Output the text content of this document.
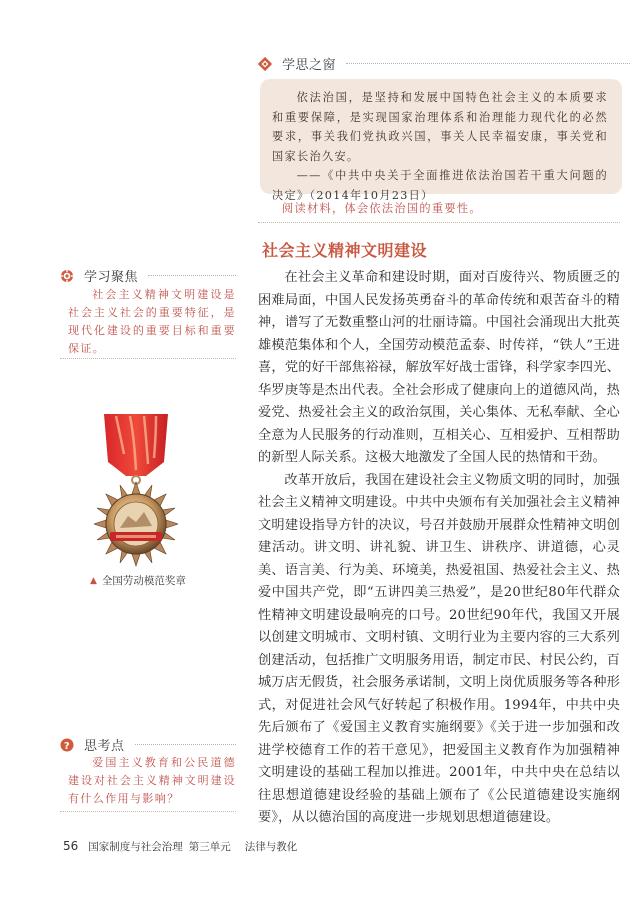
学思之窗

依法治国，是坚持和发展中国特色社会主义的本质要求和重要保障，是实现国家治理体系和治理能力现代化的必然要求，事关我们党执政兴国，事关人民幸福安康，事关党和国家长治久安。

——《中共中央关于全面推进依法治国若干重大问题的决定》（2014年10月23日）

阅读材料，体会依法治国的重要性。
社会主义精神文明建设

在社会主义革命和建设时期，面对百废待兴、物质匮乏的困难局面，中国人民发扬英勇奋斗的革命传统和艰苦奋斗的精神，谱写了无数重整山河的壮丽诗篇。中国社会涌现出大批英雄模范集体和个人，全国劳动模范孟泰、时传祥，“铁人”王进喜，党的好干部焦裕禄，解放军好战士雷锋，科学家李四光、华罗庚等是杰出代表。全社会形成了健康向上的道德风尚，热爱党、热爱社会主义的政治氛围，关心集体、无私奉献、全心全意为人民服务的行动准则，互相关心、互相爱护、互相帮助的新型人际关系。这极大地激发了全国人民的热情和干劲。

改革开放后，我国在建设社会主义物质文明的同时，加强社会主义精神文明建设。中共中央颁布有关加强社会主义精神文明建设指导方针的决议，号召并鼓励开展群众性精神文明创建活动。讲文明、讲礼貌、讲卫生、讲秩序、讲道德，心灵美、语言美、行为美、环境美，热爱祖国、热爱社会主义、热爱中国共产党，即“五讲四美三热爱”，是20世纪80年代群众性精神文明建设最响亮的口号。20世纪90年代，我国又开展以创建文明城市、文明村镇、文明行业为主要内容的三大系列创建活动，包括推广文明服务用语，制定市民、村民公约，百城万店无假货，社会服务承诺制，文明上岗优质服务等各种形式，对促进社会风气好转起了积极作用。1994年，中共中央先后颁布了《爱国主义教育实施纲要》《关于进一步加强和改进学校德育工作的若干意见》，把爱国主义教育作为加强精神文明建设的基础工程加以推进。2001年，中共中央在总结以往思想道德建设经验的基础上颁布了《公民道德建设实施纲要》，从以德治国的高度进一步规划思想道德建设。

学习聚焦

社会主义精神文明建设是社会主义社会的重要特征，是现代化建设的重要目标和重要保证。

▲ 全国劳动模范奖章
? 思考点

爱国主义教育和公民道德建设对社会主义精神文明建设有什么作用与影响？

56 国家制度与社会治理 第三单元 法律与教化
